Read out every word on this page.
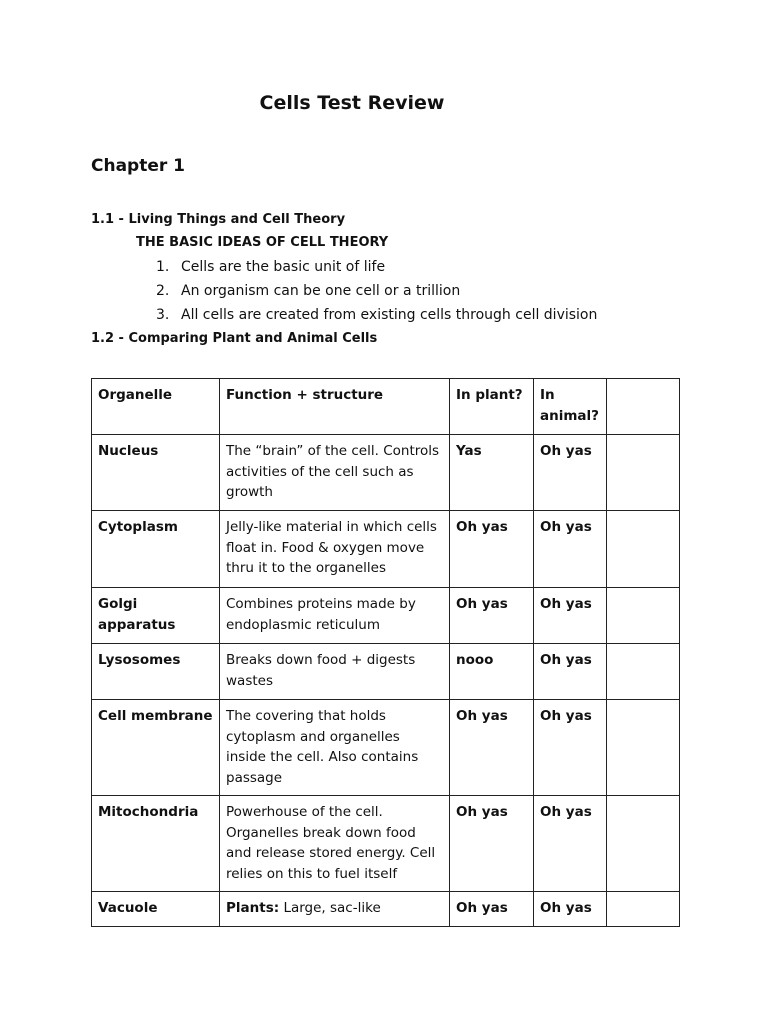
Cells Test Review
Chapter 1
1.1 - Living Things and Cell Theory
THE BASIC IDEAS OF CELL THEORY
1. Cells are the basic unit of life
2. An organism can be one cell or a trillion
3. All cells are created from existing cells through cell division
1.2 - Comparing Plant and Animal Cells
Organelle	Function + structure	In plant?	In animal?	
Nucleus	The “brain” of the cell. Controls activities of the cell such as growth	Yas	Oh yas	
Cytoplasm	Jelly-like material in which cells float in. Food & oxygen move thru it to the organelles	Oh yas	Oh yas	
Golgi apparatus	Combines proteins made by endoplasmic reticulum	Oh yas	Oh yas	
Lysosomes	Breaks down food + digests wastes	nooo	Oh yas	
Cell membrane	The covering that holds cytoplasm and organelles inside the cell. Also contains passage	Oh yas	Oh yas	
Mitochondria	Powerhouse of the cell. Organelles break down food and release stored energy. Cell relies on this to fuel itself	Oh yas	Oh yas	
Vacuole	Plants: Large, sac-like	Oh yas	Oh yas	
